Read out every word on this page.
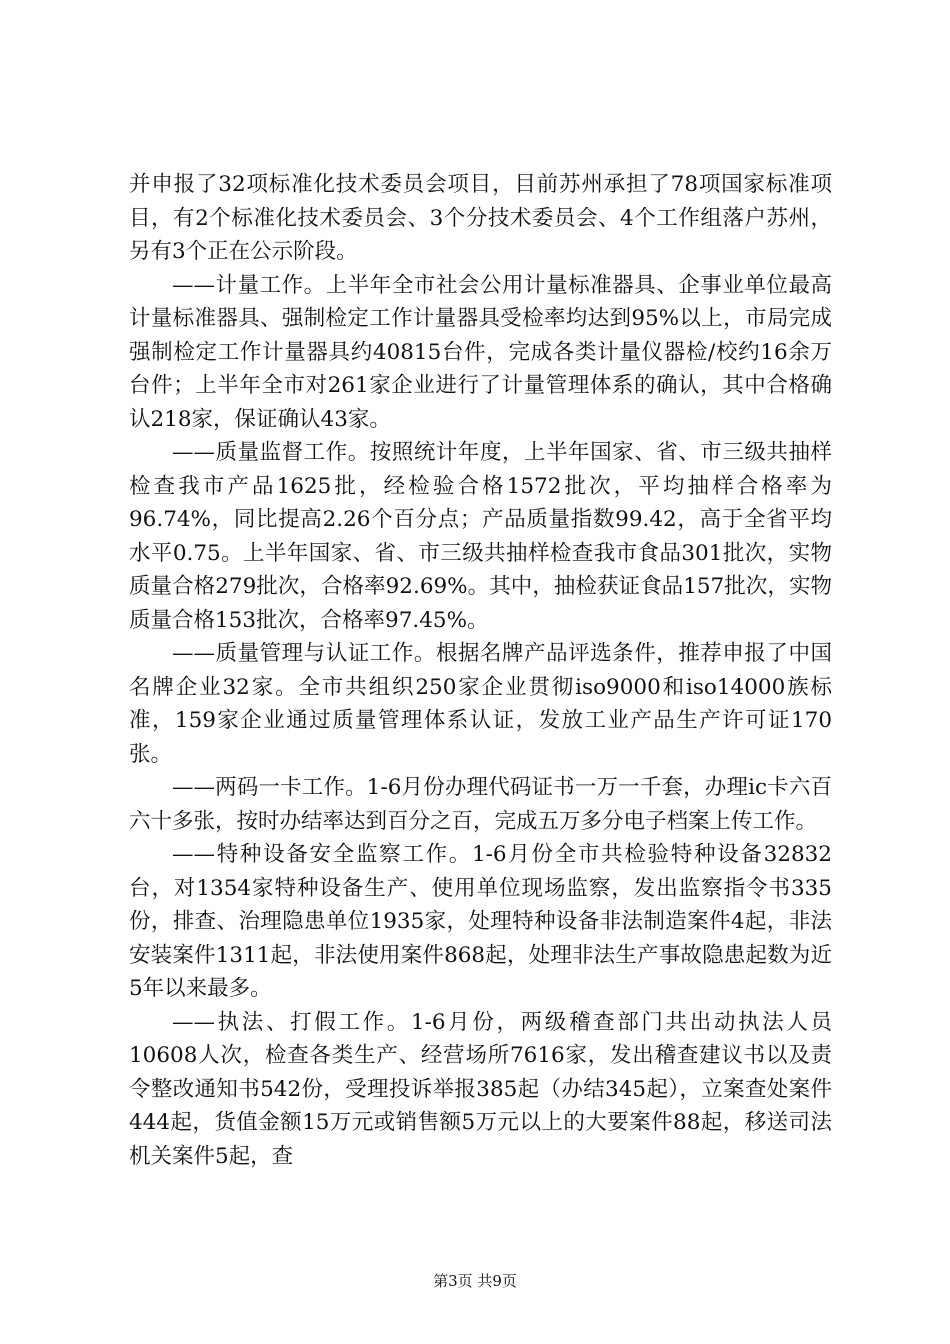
并申报了32项标准化技术委员会项目，目前苏州承担了78项国家标准项目，有2个标准化技术委员会、3个分技术委员会、4个工作组落户苏州，另有3个正在公示阶段。

——计量工作。上半年全市社会公用计量标准器具、企事业单位最高计量标准器具、强制检定工作计量器具受检率均达到95%以上，市局完成强制检定工作计量器具约40815台件，完成各类计量仪器检/校约16余万台件；上半年全市对261家企业进行了计量管理体系的确认，其中合格确认218家，保证确认43家。

——质量监督工作。按照统计年度，上半年国家、省、市三级共抽样检查我市产品1625批，经检验合格1572批次，平均抽样合格率为96.74%，同比提高2.26个百分点；产品质量指数99.42，高于全省平均水平0.75。上半年国家、省、市三级共抽样检查我市食品301批次，实物质量合格279批次，合格率92.69%。其中，抽检获证食品157批次，实物质量合格153批次，合格率97.45%。

——质量管理与认证工作。根据名牌产品评选条件，推荐申报了中国名牌企业32家。全市共组织250家企业贯彻iso9000和iso14000族标准，159家企业通过质量管理体系认证，发放工业产品生产许可证170张。

——两码一卡工作。1-6月份办理代码证书一万一千套，办理ic卡六百六十多张，按时办结率达到百分之百，完成五万多分电子档案上传工作。

——特种设备安全监察工作。1-6月份全市共检验特种设备32832台，对1354家特种设备生产、使用单位现场监察，发出监察指令书335份，排查、治理隐患单位1935家，处理特种设备非法制造案件4起，非法安装案件1311起，非法使用案件868起，处理非法生产事故隐患起数为近5年以来最多。

——执法、打假工作。1-6月份，两级稽查部门共出动执法人员10608人次，检查各类生产、经营场所7616家，发出稽查建议书以及责令整改通知书542份，受理投诉举报385起（办结345起），立案查处案件444起，货值金额15万元或销售额5万元以上的大要案件88起，移送司法机关案件5起，查

第3页 共9页
